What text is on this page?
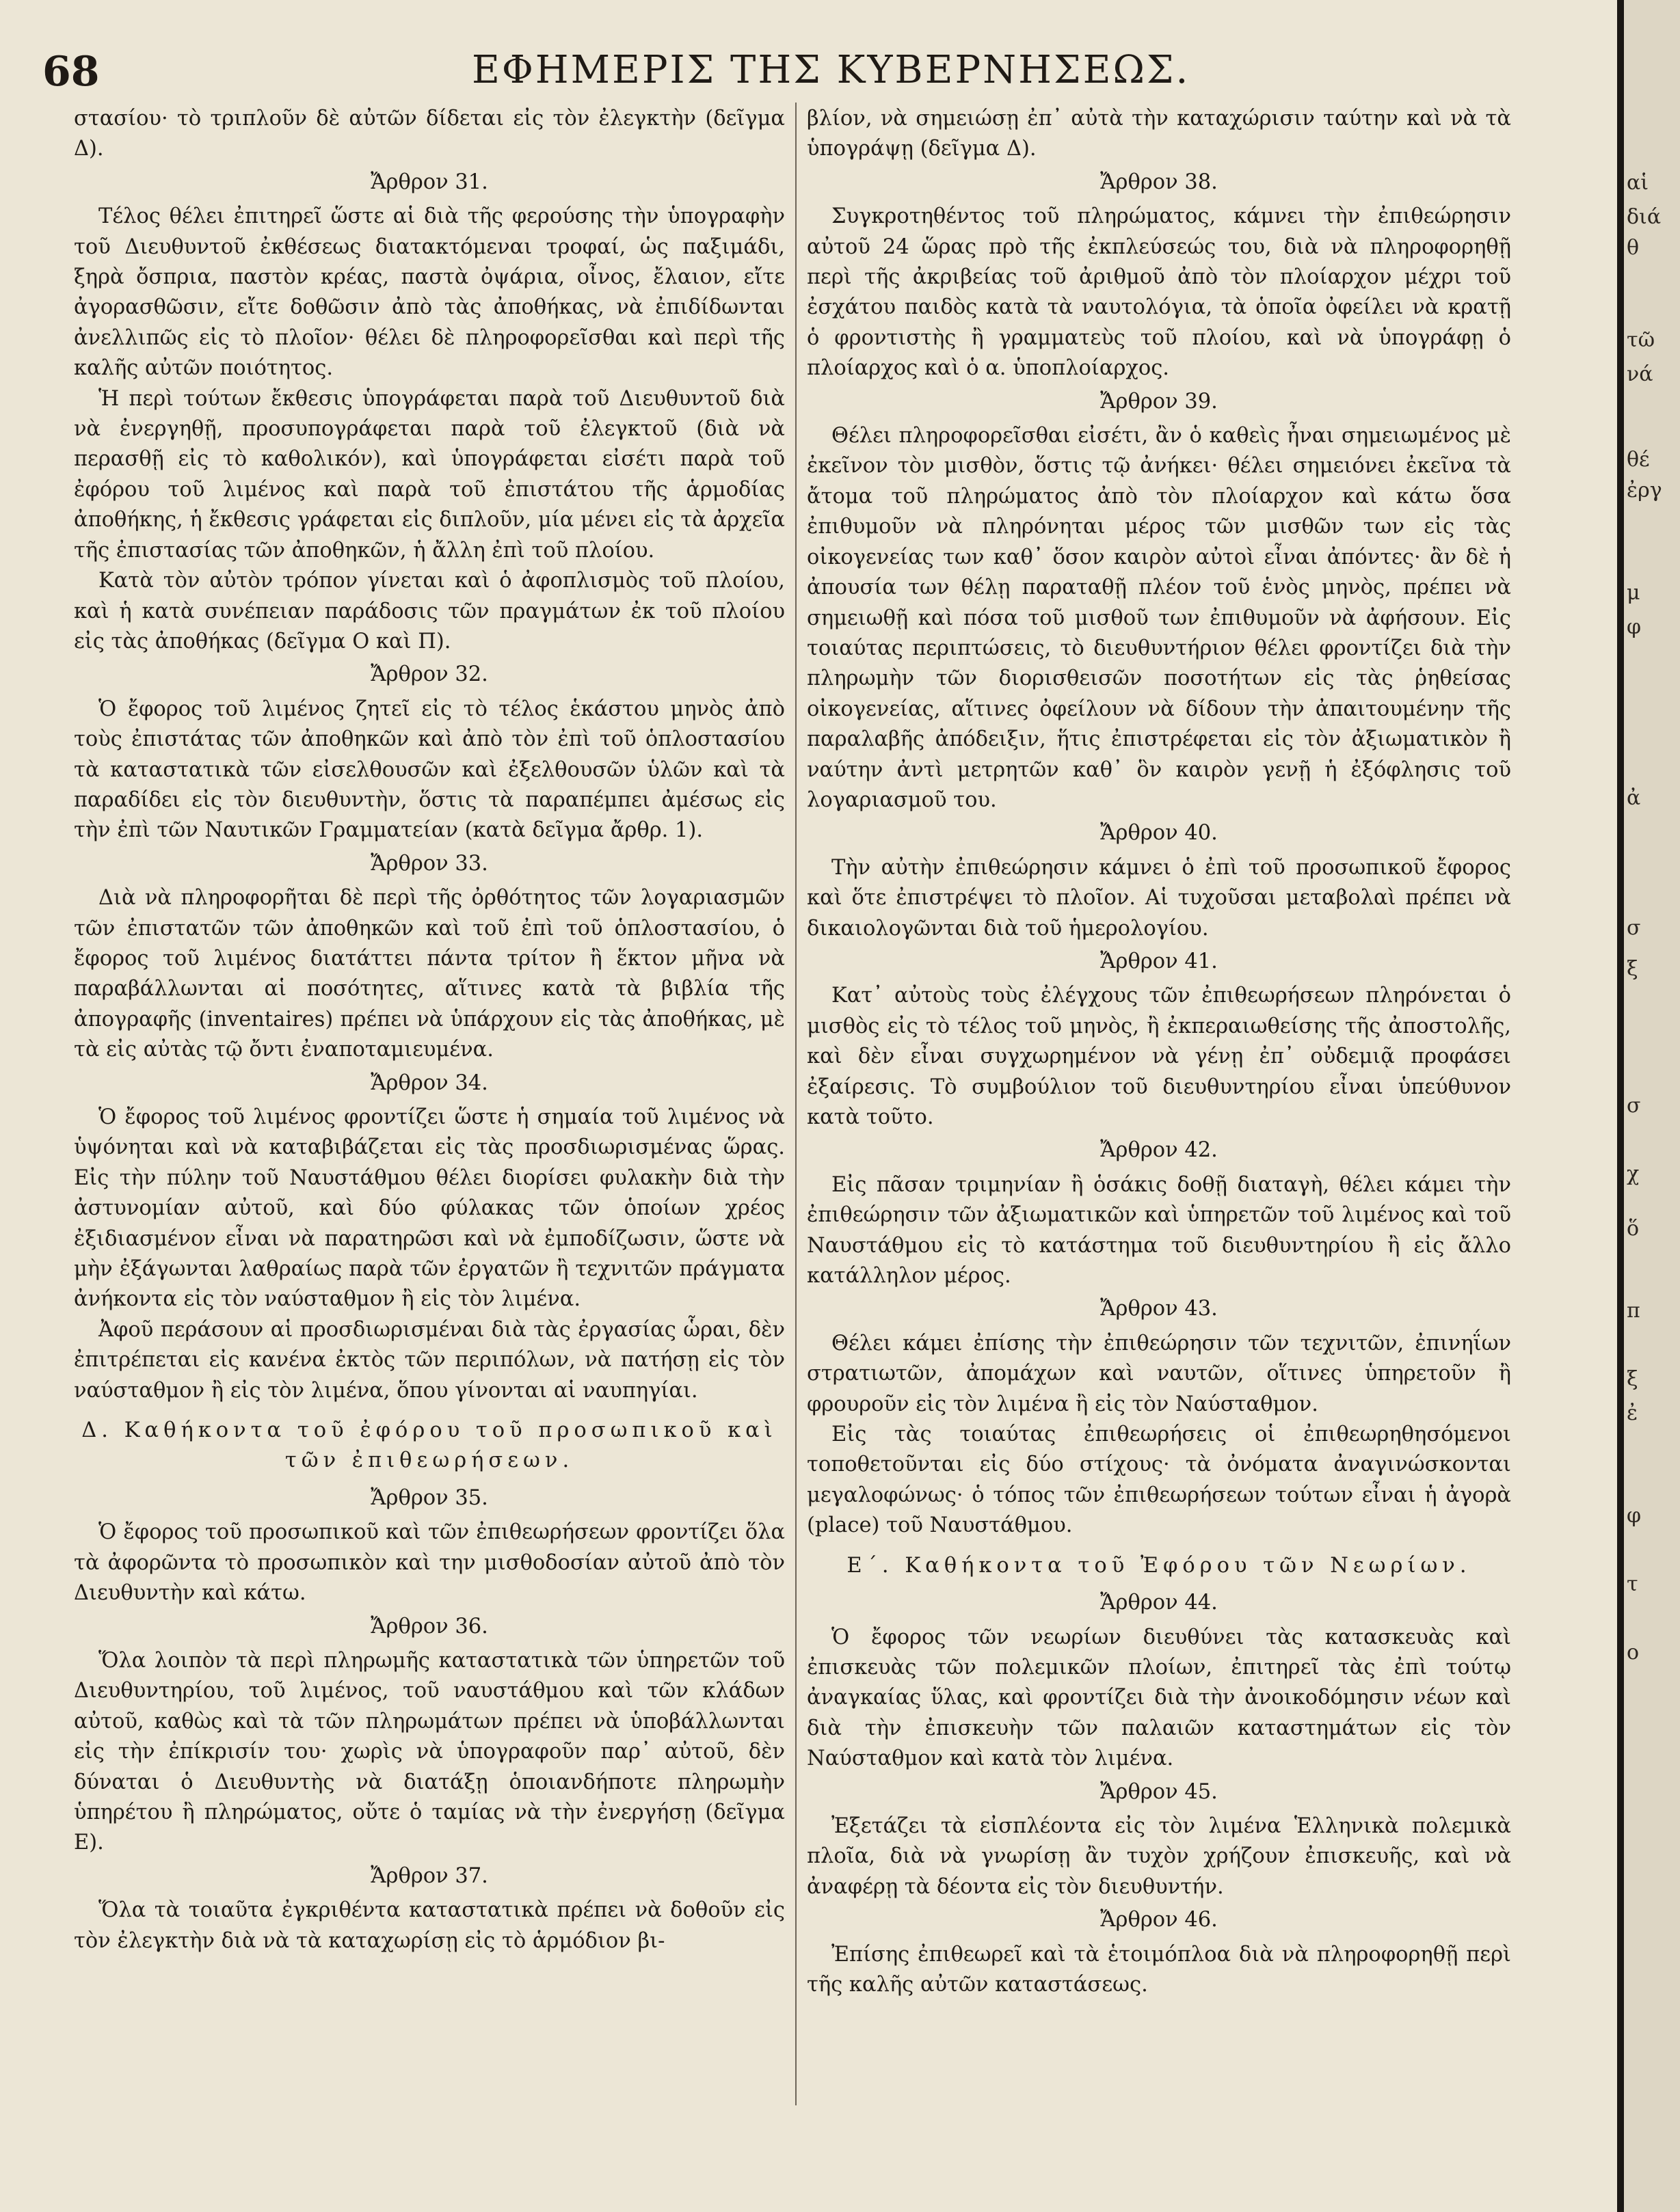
68	ΕΦΗΜΕΡΙΣ ΤΗΣ ΚΥΒΕΡΝΗΣΕΩΣ.

στασίου· τὸ τριπλοῦν δὲ αὐτῶν δίδεται εἰς τὸν ἐλεγκτὴν (δεῖγμα Δ).

Ἄρθρον 31.

Τέλος θέλει ἐπιτηρεῖ ὥστε αἱ διὰ τῆς φερούσης τὴν ὑπογραφὴν τοῦ Διευθυντοῦ ἐκθέσεως διατακτόμεναι τροφαί, ὡς παξιμάδι, ξηρὰ ὄσπρια, παστὸν κρέας, παστὰ ὀψάρια, οἶνος, ἔλαιον, εἴτε ἀγορασθῶσιν, εἴτε δοθῶσιν ἀπὸ τὰς ἀποθήκας, νὰ ἐπιδίδωνται ἀνελλιπῶς εἰς τὸ πλοῖον· θέλει δὲ πληροφορεῖσθαι καὶ περὶ τῆς καλῆς αὐτῶν ποιότητος.

Ἡ περὶ τούτων ἔκθεσις ὑπογράφεται παρὰ τοῦ Διευθυντοῦ διὰ νὰ ἐνεργηθῇ, προσυπογράφεται παρὰ τοῦ ἐλεγκτοῦ (διὰ νὰ περασθῇ εἰς τὸ καθολικόν), καὶ ὑπογράφεται εἰσέτι παρὰ τοῦ ἐφόρου τοῦ λιμένος καὶ παρὰ τοῦ ἐπιστάτου τῆς ἁρμοδίας ἀποθήκης, ἡ ἔκθεσις γράφεται εἰς διπλοῦν, μία μένει εἰς τὰ ἀρχεῖα τῆς ἐπιστασίας τῶν ἀποθηκῶν, ἡ ἄλλη ἐπὶ τοῦ πλοίου.

Κατὰ τὸν αὐτὸν τρόπον γίνεται καὶ ὁ ἀφοπλισμὸς τοῦ πλοίου, καὶ ἡ κατὰ συνέπειαν παράδοσις τῶν πραγμάτων ἐκ τοῦ πλοίου εἰς τὰς ἀποθήκας (δεῖγμα Ο καὶ Π).

Ἄρθρον 32.

Ὁ ἔφορος τοῦ λιμένος ζητεῖ εἰς τὸ τέλος ἑκάστου μηνὸς ἀπὸ τοὺς ἐπιστάτας τῶν ἀποθηκῶν καὶ ἀπὸ τὸν ἐπὶ τοῦ ὁπλοστασίου τὰ καταστατικὰ τῶν εἰσελθουσῶν καὶ ἐξελθουσῶν ὑλῶν καὶ τὰ παραδίδει εἰς τὸν διευθυντὴν, ὅστις τὰ παραπέμπει ἀμέσως εἰς τὴν ἐπὶ τῶν Ναυτικῶν Γραμματείαν (κατὰ δεῖγμα ἄρθρ. 1).

Ἄρθρον 33.

Διὰ νὰ πληροφορῆται δὲ περὶ τῆς ὀρθότητος τῶν λογαριασμῶν τῶν ἐπιστατῶν τῶν ἀποθηκῶν καὶ τοῦ ἐπὶ τοῦ ὁπλοστασίου, ὁ ἔφορος τοῦ λιμένος διατάττει πάντα τρίτον ἢ ἕκτον μῆνα νὰ παραβάλλωνται αἱ ποσότητες, αἵτινες κατὰ τὰ βιβλία τῆς ἀπογραφῆς (inventaires) πρέπει νὰ ὑπάρχουν εἰς τὰς ἀποθήκας, μὲ τὰ εἰς αὐτὰς τῷ ὄντι ἐναποταμιευμένα.

Ἄρθρον 34.

Ὁ ἔφορος τοῦ λιμένος φροντίζει ὥστε ἡ σημαία τοῦ λιμένος νὰ ὑψόνηται καὶ νὰ καταβιβάζεται εἰς τὰς προσδιωρισμένας ὥρας. Εἰς τὴν πύλην τοῦ Ναυστάθμου θέλει διορίσει φυλακὴν διὰ τὴν ἀστυνομίαν αὐτοῦ, καὶ δύο φύλακας τῶν ὁποίων χρέος ἐξιδιασμένον εἶναι νὰ παρατηρῶσι καὶ νὰ ἐμποδίζωσιν, ὥστε νὰ μὴν ἐξάγωνται λαθραίως παρὰ τῶν ἐργατῶν ἢ τεχνιτῶν πράγματα ἀνήκοντα εἰς τὸν ναύσταθμον ἢ εἰς τὸν λιμένα.

Ἀφοῦ περάσουν αἱ προσδιωρισμέναι διὰ τὰς ἐργασίας ὧραι, δὲν ἐπιτρέπεται εἰς κανένα ἐκτὸς τῶν περιπόλων, νὰ πατήσῃ εἰς τὸν ναύσταθμον ἢ εἰς τὸν λιμένα, ὅπου γίνονται αἱ ναυπηγίαι.

Δ. Καθήκοντα τοῦ ἐφόρου τοῦ προσωπικοῦ καὶ τῶν ἐπιθεωρήσεων.
Ἄρθρον 35.

Ὁ ἔφορος τοῦ προσωπικοῦ καὶ τῶν ἐπιθεωρήσεων φροντίζει ὅλα τὰ ἀφορῶντα τὸ προσωπικὸν καὶ την μισθοδοσίαν αὐτοῦ ἀπὸ τὸν Διευθυντὴν καὶ κάτω.

Ἄρθρον 36.

Ὅλα λοιπὸν τὰ περὶ πληρωμῆς καταστατικὰ τῶν ὑπηρετῶν τοῦ Διευθυντηρίου, τοῦ λιμένος, τοῦ ναυστάθμου καὶ τῶν κλάδων αὐτοῦ, καθὼς καὶ τὰ τῶν πληρωμάτων πρέπει νὰ ὑποβάλλωνται εἰς τὴν ἐπίκρισίν του· χωρὶς νὰ ὑπογραφοῦν παρ᾽ αὐτοῦ, δὲν δύναται ὁ Διευθυντὴς νὰ διατάξῃ ὁποιανδήποτε πληρωμὴν ὑπηρέτου ἢ πληρώματος, οὔτε ὁ ταμίας νὰ τὴν ἐνεργήσῃ (δεῖγμα Ε).

Ἄρθρον 37.

Ὅλα τὰ τοιαῦτα ἐγκριθέντα καταστατικὰ πρέπει νὰ δοθοῦν εἰς τὸν ἐλεγκτὴν διὰ νὰ τὰ καταχωρίσῃ εἰς τὸ ἁρμόδιον βι-

βλίον, νὰ σημειώσῃ ἐπ᾽ αὐτὰ τὴν καταχώρισιν ταύτην καὶ νὰ τὰ ὑπογράψῃ (δεῖγμα Δ).

Ἄρθρον 38.

Συγκροτηθέντος τοῦ πληρώματος, κάμνει τὴν ἐπιθεώρησιν αὐτοῦ 24 ὥρας πρὸ τῆς ἐκπλεύσεώς του, διὰ νὰ πληροφορηθῇ περὶ τῆς ἀκριβείας τοῦ ἀριθμοῦ ἀπὸ τὸν πλοίαρχον μέχρι τοῦ ἐσχάτου παιδὸς κατὰ τὰ ναυτολόγια, τὰ ὁποῖα ὀφείλει νὰ κρατῇ ὁ φροντιστὴς ἢ γραμματεὺς τοῦ πλοίου, καὶ νὰ ὑπογράφῃ ὁ πλοίαρχος καὶ ὁ α. ὑποπλοίαρχος.

Ἄρθρον 39.

Θέλει πληροφορεῖσθαι εἰσέτι, ἂν ὁ καθεὶς ἦναι σημειωμένος μὲ ἐκεῖνον τὸν μισθὸν, ὅστις τῷ ἀνήκει· θέλει σημειόνει ἐκεῖνα τὰ ἄτομα τοῦ πληρώματος ἀπὸ τὸν πλοίαρχον καὶ κάτω ὅσα ἐπιθυμοῦν νὰ πληρόνηται μέρος τῶν μισθῶν των εἰς τὰς οἰκογενείας των καθ᾽ ὅσον καιρὸν αὐτοὶ εἶναι ἀπόντες· ἂν δὲ ἡ ἀπουσία των θέλῃ παραταθῇ πλέον τοῦ ἑνὸς μηνὸς, πρέπει νὰ σημειωθῇ καὶ πόσα τοῦ μισθοῦ των ἐπιθυμοῦν νὰ ἀφήσουν. Εἰς τοιαύτας περιπτώσεις, τὸ διευθυντήριον θέλει φροντίζει διὰ τὴν πληρωμὴν τῶν διορισθεισῶν ποσοτήτων εἰς τὰς ῥηθείσας οἰκογενείας, αἵτινες ὀφείλουν νὰ δίδουν τὴν ἀπαιτουμένην τῆς παραλαβῆς ἀπόδειξιν, ἥτις ἐπιστρέφεται εἰς τὸν ἀξιωματικὸν ἢ ναύτην ἀντὶ μετρητῶν καθ᾽ ὃν καιρὸν γενῇ ἡ ἐξόφλησις τοῦ λογαριασμοῦ του.

Ἄρθρον 40.

Τὴν αὐτὴν ἐπιθεώρησιν κάμνει ὁ ἐπὶ τοῦ προσωπικοῦ ἔφορος καὶ ὅτε ἐπιστρέψει τὸ πλοῖον. Αἱ τυχοῦσαι μεταβολαὶ πρέπει νὰ δικαιολογῶνται διὰ τοῦ ἡμερολογίου.

Ἄρθρον 41.

Κατ᾽ αὐτοὺς τοὺς ἐλέγχους τῶν ἐπιθεωρήσεων πληρόνεται ὁ μισθὸς εἰς τὸ τέλος τοῦ μηνὸς, ἢ ἐκπεραιωθείσης τῆς ἀποστολῆς, καὶ δὲν εἶναι συγχωρημένον νὰ γένῃ ἐπ᾽ οὐδεμιᾷ προφάσει ἐξαίρεσις. Τὸ συμβούλιον τοῦ διευθυντηρίου εἶναι ὑπεύθυνον κατὰ τοῦτο.

Ἄρθρον 42.

Εἰς πᾶσαν τριμηνίαν ἢ ὁσάκις δοθῇ διαταγὴ, θέλει κάμει τὴν ἐπιθεώρησιν τῶν ἀξιωματικῶν καὶ ὑπηρετῶν τοῦ λιμένος καὶ τοῦ Ναυστάθμου εἰς τὸ κατάστημα τοῦ διευθυντηρίου ἢ εἰς ἄλλο κατάλληλον μέρος.

Ἄρθρον 43.

Θέλει κάμει ἐπίσης τὴν ἐπιθεώρησιν τῶν τεχνιτῶν, ἐπινηΐων στρατιωτῶν, ἀπομάχων καὶ ναυτῶν, οἵτινες ὑπηρετοῦν ἢ φρουροῦν εἰς τὸν λιμένα ἢ εἰς τὸν Ναύσταθμον.

Εἰς τὰς τοιαύτας ἐπιθεωρήσεις οἱ ἐπιθεωρηθησόμενοι τοποθετοῦνται εἰς δύο στίχους· τὰ ὀνόματα ἀναγινώσκονται μεγαλοφώνως· ὁ τόπος τῶν ἐπιθεωρήσεων τούτων εἶναι ἡ ἀγορὰ (place) τοῦ Ναυστάθμου.

Ε΄. Καθήκοντα τοῦ Ἐφόρου τῶν Νεωρίων.
Ἄρθρον 44.

Ὁ ἔφορος τῶν νεωρίων διευθύνει τὰς κατασκευὰς καὶ ἐπισκευὰς τῶν πολεμικῶν πλοίων, ἐπιτηρεῖ τὰς ἐπὶ τούτῳ ἀναγκαίας ὕλας, καὶ φροντίζει διὰ τὴν ἀνοικοδόμησιν νέων καὶ διὰ τὴν ἐπισκευὴν τῶν παλαιῶν καταστημάτων εἰς τὸν Ναύσταθμον καὶ κατὰ τὸν λιμένα.

Ἄρθρον 45.

Ἐξετάζει τὰ εἰσπλέοντα εἰς τὸν λιμένα Ἑλληνικὰ πολεμικὰ πλοῖα, διὰ νὰ γνωρίσῃ ἂν τυχὸν χρήζουν ἐπισκευῆς, καὶ νὰ ἀναφέρῃ τὰ δέοντα εἰς τὸν διευθυντήν.

Ἄρθρον 46.

Ἐπίσης ἐπιθεωρεῖ καὶ τὰ ἑτοιμόπλοα διὰ νὰ πληροφορηθῇ περὶ τῆς καλῆς αὐτῶν καταστάσεως.

αἱ
διά
θ
τῶ
νά
θέ
ἐργ
μ
φ
ἀ
σ
ξ
σ
χ
ὅ
π
ξ
ἐ
φ
τ
ο
